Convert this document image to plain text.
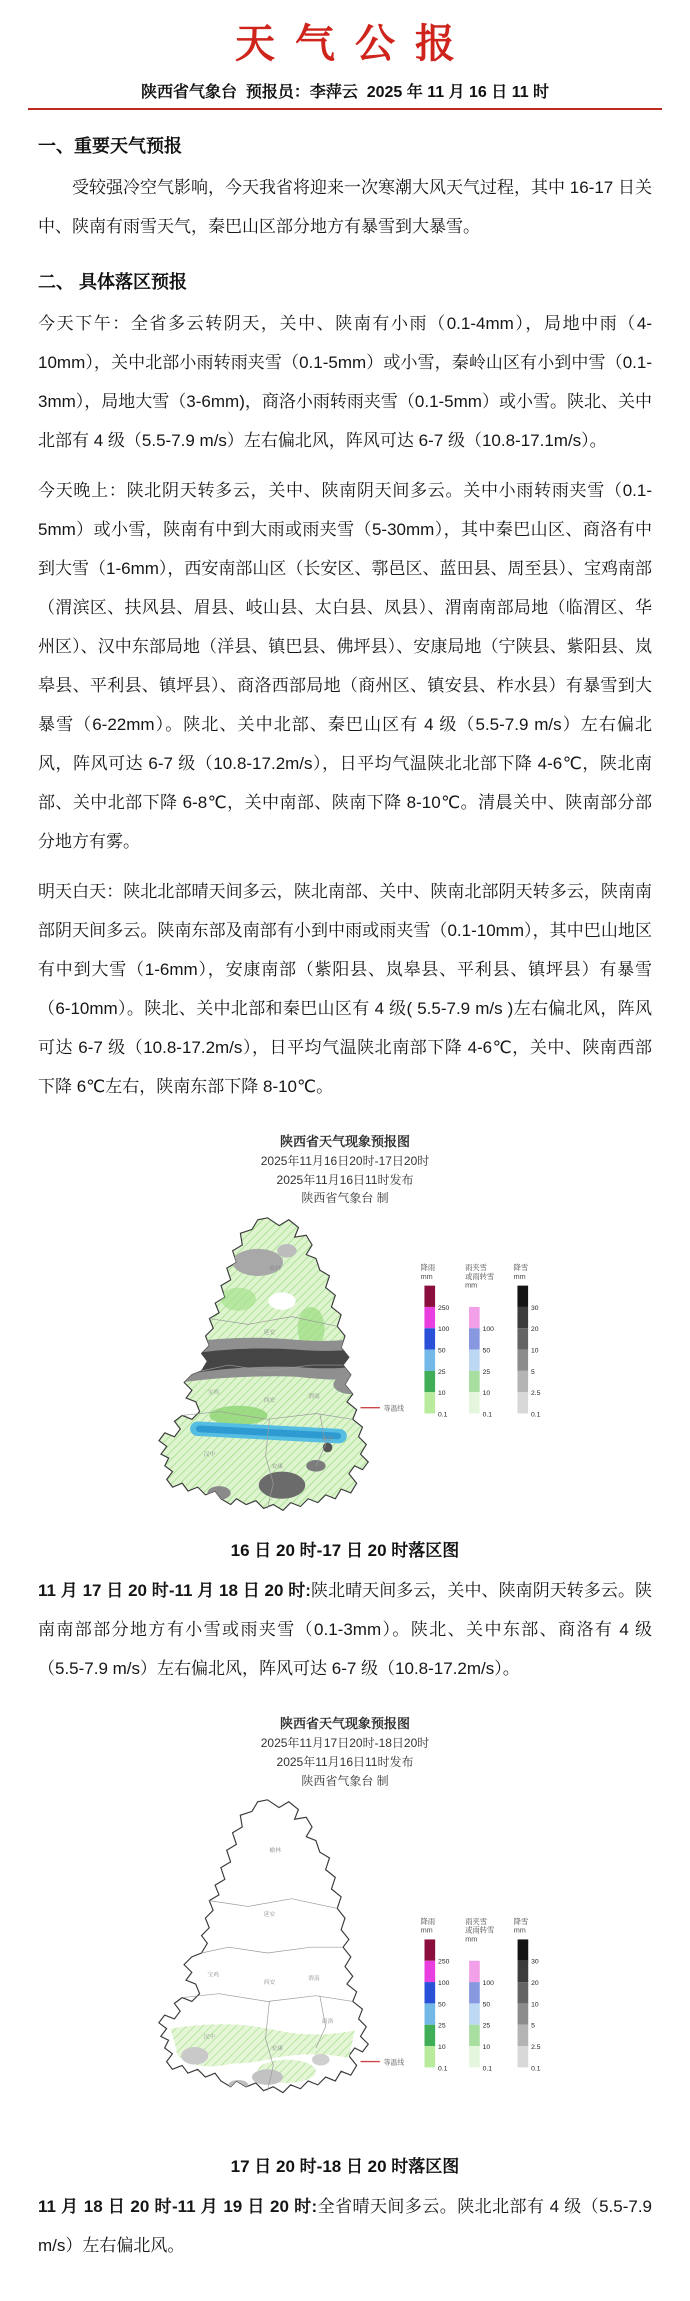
天气公报
陕西省气象台  预报员：李萍云  2025 年 11 月 16 日 11 时
一、重要天气预报

受较强冷空气影响，今天我省将迎来一次寒潮大风天气过程，其中 16-17 日关中、陕南有雨雪天气，秦巴山区部分地方有暴雪到大暴雪。

二、 具体落区预报

今天下午：全省多云转阴天，关中、陕南有小雨（0.1-4mm），局地中雨（4-10mm），关中北部小雨转雨夹雪（0.1-5mm）或小雪，秦岭山区有小到中雪（0.1-3mm），局地大雪（3-6mm)，商洛小雨转雨夹雪（0.1-5mm）或小雪。陕北、关中北部有 4 级（5.5-7.9 m/s）左右偏北风，阵风可达 6-7 级（10.8-17.1m/s）。

今天晚上：陕北阴天转多云，关中、陕南阴天间多云。关中小雨转雨夹雪（0.1-5mm）或小雪，陕南有中到大雨或雨夹雪（5-30mm），其中秦巴山区、商洛有中到大雪（1-6mm），西安南部山区（长安区、鄠邑区、蓝田县、周至县）、宝鸡南部（渭滨区、扶风县、眉县、岐山县、太白县、凤县）、渭南南部局地（临渭区、华州区）、汉中东部局地（洋县、镇巴县、佛坪县）、安康局地（宁陕县、紫阳县、岚皋县、平利县、镇坪县）、商洛西部局地（商州区、镇安县、柞水县）有暴雪到大暴雪（6-22mm）。陕北、关中北部、秦巴山区有 4 级（5.5-7.9 m/s）左右偏北风，阵风可达 6-7 级（10.8-17.2m/s），日平均气温陕北北部下降 4-6℃，陕北南部、关中北部下降 6-8℃，关中南部、陕南下降 8-10℃。清晨关中、陕南部分部分地方有雾。

明天白天：陕北北部晴天间多云，陕北南部、关中、陕南北部阴天转多云，陕南南部阴天间多云。陕南东部及南部有小到中雨或雨夹雪（0.1-10mm），其中巴山地区有中到大雪（1-6mm），安康南部（紫阳县、岚皋县、平利县、镇坪县）有暴雪（6-10mm）。陕北、关中北部和秦巴山区有 4 级( 5.5-7.9 m/s )左右偏北风，阵风可达 6-7 级（10.8-17.2m/s），日平均气温陕北南部下降 4-6℃，关中、陕南西部下降 6℃左右，陕南东部下降 8-10℃。

陕西省天气现象预报图
2025年11月16日20时-17日20时
2025年11月16日11时发布
陕西省气象台 制
榆林
延安
西安
宝鸡
渭南
汉中
安康
商洛
等温线
降雨
mm
250
100
50
25
10
0.1
雨夹雪
或雨转雪
mm
100
50
25
10
0.1
降雪
mm
30
20
10
5
2.5
0.1

16 日 20 时-17 日 20 时落区图

11 月 17 日 20 时-11 月 18 日 20 时:陕北晴天间多云，关中、陕南阴天转多云。陕南南部部分地方有小雪或雨夹雪（0.1-3mm）。陕北、关中东部、商洛有 4 级（5.5-7.9 m/s）左右偏北风，阵风可达 6-7 级（10.8-17.2m/s）。

陕西省天气现象预报图
2025年11月17日20时-18日20时
2025年11月16日11时发布
陕西省气象台 制
榆林
延安
西安
宝鸡
渭南
汉中
安康
商洛
等温线
降雨
mm
250
100
50
25
10
0.1
雨夹雪
或雨转雪
mm
100
50
25
10
0.1
降雪
mm
30
20
10
5
2.5
0.1

17 日 20 时-18 日 20 时落区图

11 月 18 日 20 时-11 月 19 日 20 时:全省晴天间多云。陕北北部有 4 级（5.5-7.9 m/s）左右偏北风。
